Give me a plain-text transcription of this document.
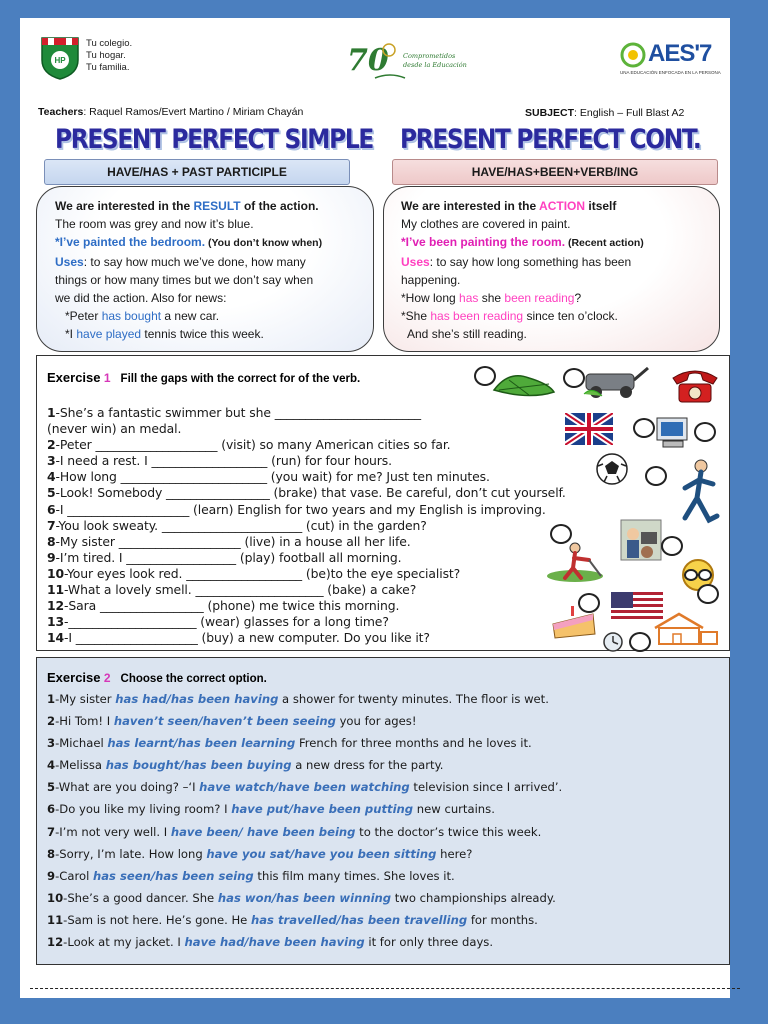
HP
Tu colegio.
Tu hogar.
Tu familia.	70 Comprometidos
desde la Educación	AES'7
UNA EDUCACIÓN ENFOCADA EN LA PERSONA
Teachers: Raquel Ramos/Evert Martino / Miriam Chayán	SUBJECT: English – Full Blast A2
PRESENT PERFECT SIMPLE PRESENT PERFECT CONT.
HAVE/HAS + PAST PARTICIPLE	HAVE/HAS+BEEN+VERB/ING
We are interested in the RESULT of the action.
The room was grey and now it’s blue.
*I’ve painted the bedroom. (You don’t know when)
Uses: to say how much we’ve done, how many
things or how many times but we don’t say when
we did the action. Also for news:
*Peter has bought a new car.
*I have played tennis twice this week.
We are interested in the ACTION itself
My clothes are covered in paint.
*I’ve been painting the room. (Recent action)
Uses: to say how long something has been
happening.
*How long has she been reading?
*She has been reading since ten o’clock.
And she’s still reading.
Exercise 1 Fill the gaps with the correct for of the verb.
1-She’s a fantastic swimmer but she ________________________
(never win) an medal.
2-Peter ____________________ (visit) so many American cities so far.
3-I need a rest. I ___________________ (run) for four hours.
4-How long ________________________ (you wait) for me? Just ten minutes.
5-Look! Somebody _________________ (brake) that vase. Be careful, don’t cut yourself.
6-I ____________________ (learn) English for two years and my English is improving.
7-You look sweaty. _______________________ (cut) in the garden?
8-My sister ____________________ (live) in a house all her life.
9-I’m tired. I __________________ (play) football all morning.
10-Your eyes look red. ___________________ (be)to the eye specialist?
11-What a lovely smell. _____________________ (bake) a cake?
12-Sara _________________ (phone) me twice this morning.
13-_____________________ (wear) glasses for a long time?
14-I ____________________ (buy) a new computer. Do you like it?
Exercise 2 Choose the correct option.
1-My sister has had/has been having a shower for twenty minutes. The floor is wet.
2-Hi Tom! I haven’t seen/haven’t been seeing you for ages!
3-Michael has learnt/has been learning French for three months and he loves it.
4-Melissa has bought/has been buying a new dress for the party.
5-What are you doing? –‘I have watch/have been watching television since I arrived’.
6-Do you like my living room? I have put/have been putting new curtains.
7-I’m not very well. I have been/ have been being to the doctor’s twice this week.
8-Sorry, I’m late. How long have you sat/have you been sitting here?
9-Carol has seen/has been seing this film many times. She loves it.
10-She’s a good dancer. She has won/has been winning two championships already.
11-Sam is not here. He’s gone. He has travelled/has been travelling for months.
12-Look at my jacket. I have had/have been having it for only three days.
